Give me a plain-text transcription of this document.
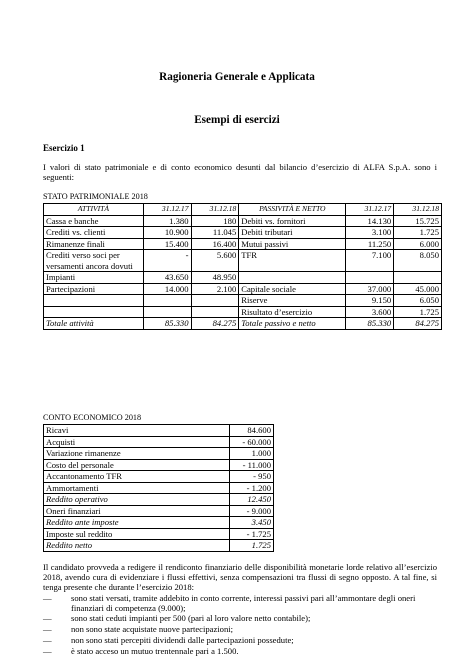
Ragioneria Generale e Applicata
Esempi di esercizi
Esercizio 1
I valori di stato patrimoniale e di conto economico desunti dal bilancio d’esercizio di ALFA S.p.A. sono i seguenti:
STATO PATRIMONIALE 2018
ATTIVITÀ	31.12.17	31.12.18	PASSIVITÀ E NETTO	31.12.17	31.12.18
Cassa e banche	1.380	180	Debiti vs. fornitori	14.130	15.725
Crediti vs. clienti	10.900	11.045	Debiti tributari	3.100	1.725
Rimanenze finali	15.400	16.400	Mutui passivi	11.250	6.000
Crediti verso soci per versamenti ancora dovuti	-	5.600	TFR	7.100	8.050
Impianti	43.650	48.950			
Partecipazioni	14.000	2.100	Capitale sociale	37.000	45.000
			Riserve	9.150	6.050
			Risultato d’esercizio	3.600	1.725
Totale attività	85.330	84.275	Totale passivo e netto	85.330	84.275
CONTO ECONOMICO 2018
Ricavi	84.600
Acquisti	- 60.000
Variazione rimanenze	1.000
Costo del personale	- 11.000
Accantonamento TFR	- 950
Ammortamenti	- 1.200
Reddito operativo	12.450
Oneri finanziari	- 9.000
Reddito ante imposte	3.450
Imposte sul reddito	- 1.725
Reddito netto	1.725
Il candidato provveda a redigere il rendiconto finanziario delle disponibilità monetarie lorde relativo all’esercizio 2018, avendo cura di evidenziare i flussi effettivi, senza compensazioni tra flussi di segno opposto. A tal fine, si tenga presente che durante l’esercizio 2018:
— sono stati versati, tramite addebito in conto corrente, interessi passivi pari all’ammontare degli oneri finanziari di competenza (9.000);
— sono stati ceduti impianti per 500 (pari al loro valore netto contabile);
— non sono state acquistate nuove partecipazioni;
— non sono stati percepiti dividendi dalle partecipazioni possedute;
— è stato acceso un mutuo trentennale pari a 1.500.
